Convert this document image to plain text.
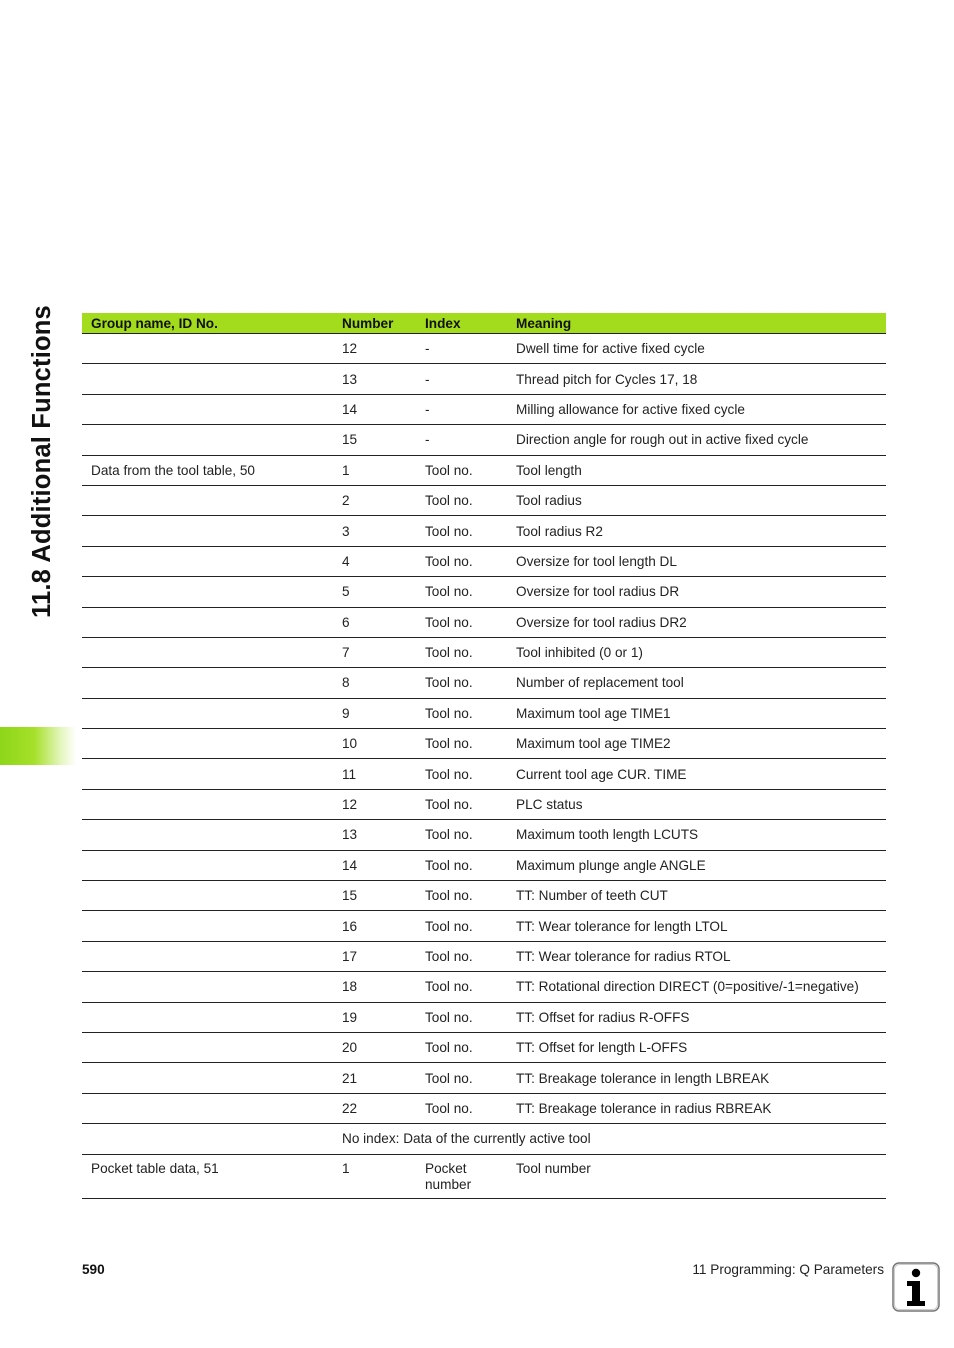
11.8 Additional Functions	Group name, ID No.	Number	Index	Meaning
	12	-	Dwell time for active fixed cycle
	13	-	Thread pitch for Cycles 17, 18
	14	-	Milling allowance for active fixed cycle
	15	-	Direction angle for rough out in active fixed cycle
Data from the tool table, 50	1	Tool no.	Tool length
	2	Tool no.	Tool radius
	3	Tool no.	Tool radius R2
	4	Tool no.	Oversize for tool length DL
	5	Tool no.	Oversize for tool radius DR
	6	Tool no.	Oversize for tool radius DR2
	7	Tool no.	Tool inhibited (0 or 1)
	8	Tool no.	Number of replacement tool
	9	Tool no.	Maximum tool age TIME1
	10	Tool no.	Maximum tool age TIME2
	11	Tool no.	Current tool age CUR. TIME
	12	Tool no.	PLC status
	13	Tool no.	Maximum tooth length LCUTS
	14	Tool no.	Maximum plunge angle ANGLE
	15	Tool no.	TT: Number of teeth CUT
	16	Tool no.	TT: Wear tolerance for length LTOL
	17	Tool no.	TT: Wear tolerance for radius RTOL
	18	Tool no.	TT: Rotational direction DIRECT (0=positive/-1=negative)
	19	Tool no.	TT: Offset for radius R-OFFS
	20	Tool no.	TT: Offset for length L-OFFS
	21	Tool no.	TT: Breakage tolerance in length LBREAK
	22	Tool no.	TT: Breakage tolerance in radius RBREAK
	No index: Data of the currently active tool		
Pocket table data, 51	1	Pocket number	Tool number
590	11 Programming: Q Parameters
